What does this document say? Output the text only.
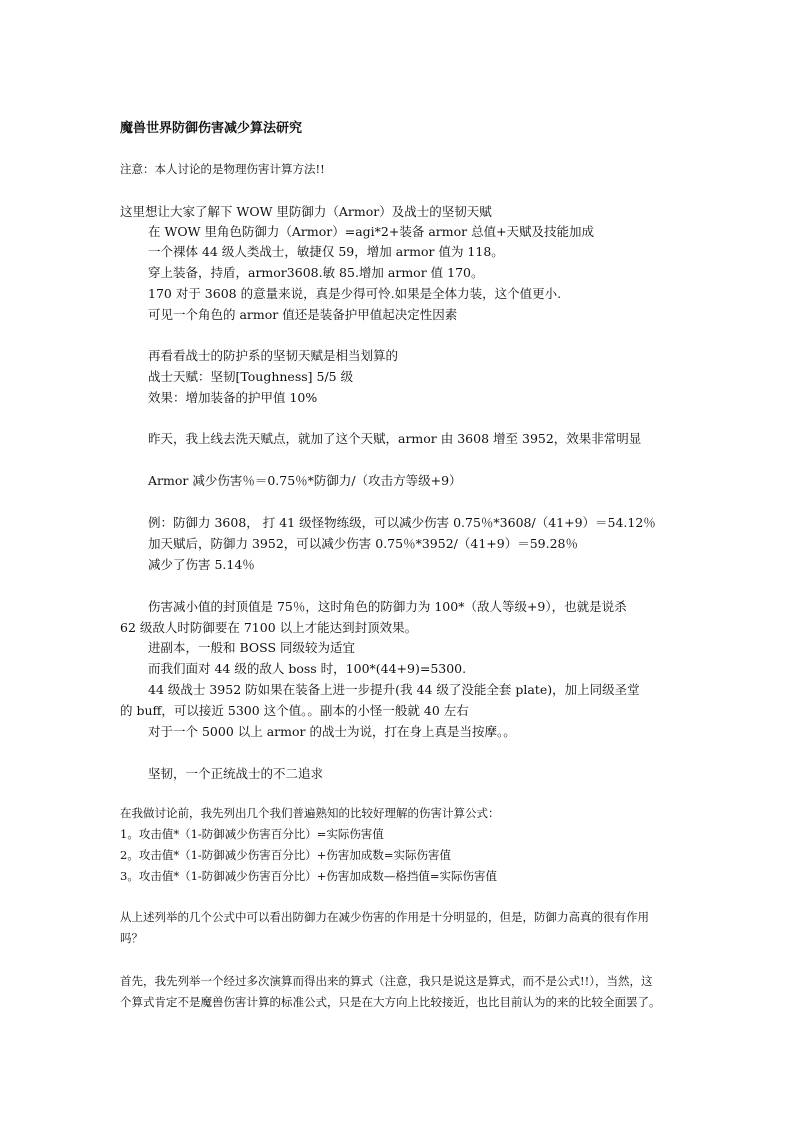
魔兽世界防御伤害减少算法研究

注意：本人讨论的是物理伤害计算方法!!

这里想让大家了解下 WOW 里防御力（Armor）及战士的坚韧天赋

在 WOW 里角色防御力（Armor）=agi*2+装备 armor 总值+天赋及技能加成

一个裸体 44 级人类战士，敏捷仅 59，增加 armor 值为 118。

穿上装备，持盾，armor3608.敏 85.增加 armor 值 170。

170 对于 3608 的意量来说，真是少得可怜.如果是全体力装，这个值更小.

可见一个角色的 armor 值还是装备护甲值起决定性因素

再看看战士的防护系的坚韧天赋是相当划算的

战士天赋：坚韧[Toughness] 5/5 级

效果：增加装备的护甲值 10%

昨天，我上线去洗天赋点，就加了这个天赋，armor 由 3608 增至 3952，效果非常明显

Armor 减少伤害％＝0.75％*防御力/（攻击方等级+9）

例：防御力 3608， 打 41 级怪物练级，可以减少伤害 0.75％*3608/（41+9）＝54.12％

加天赋后，防御力 3952，可以减少伤害 0.75％*3952/（41+9）＝59.28％

减少了伤害 5.14％

伤害减小值的封顶值是 75％，这时角色的防御力为 100*（敌人等级+9），也就是说杀

62 级敌人时防御要在 7100 以上才能达到封顶效果。

进副本，一般和 BOSS 同级较为适宜

而我们面对 44 级的敌人 boss 时，100*(44+9)=5300.

44 级战士 3952 防如果在装备上进一步提升(我 44 级了没能全套 plate)，加上同级圣堂

的 buff，可以接近 5300 这个值。。副本的小怪一般就 40 左右

对于一个 5000 以上 armor 的战士为说，打在身上真是当按摩。。

坚韧，一个正统战士的不二追求

在我做讨论前，我先列出几个我们普遍熟知的比较好理解的伤害计算公式：

1。攻击值*（1-防御减少伤害百分比）=实际伤害值

2。攻击值*（1-防御减少伤害百分比）+伤害加成数=实际伤害值

3。攻击值*（1-防御减少伤害百分比）+伤害加成数—格挡值=实际伤害值

从上述列举的几个公式中可以看出防御力在减少伤害的作用是十分明显的，但是，防御力高真的很有作用

吗？

首先，我先列举一个经过多次演算而得出来的算式（注意，我只是说这是算式，而不是公式!!），当然，这

个算式肯定不是魔兽伤害计算的标准公式，只是在大方向上比较接近，也比目前认为的来的比较全面罢了。
